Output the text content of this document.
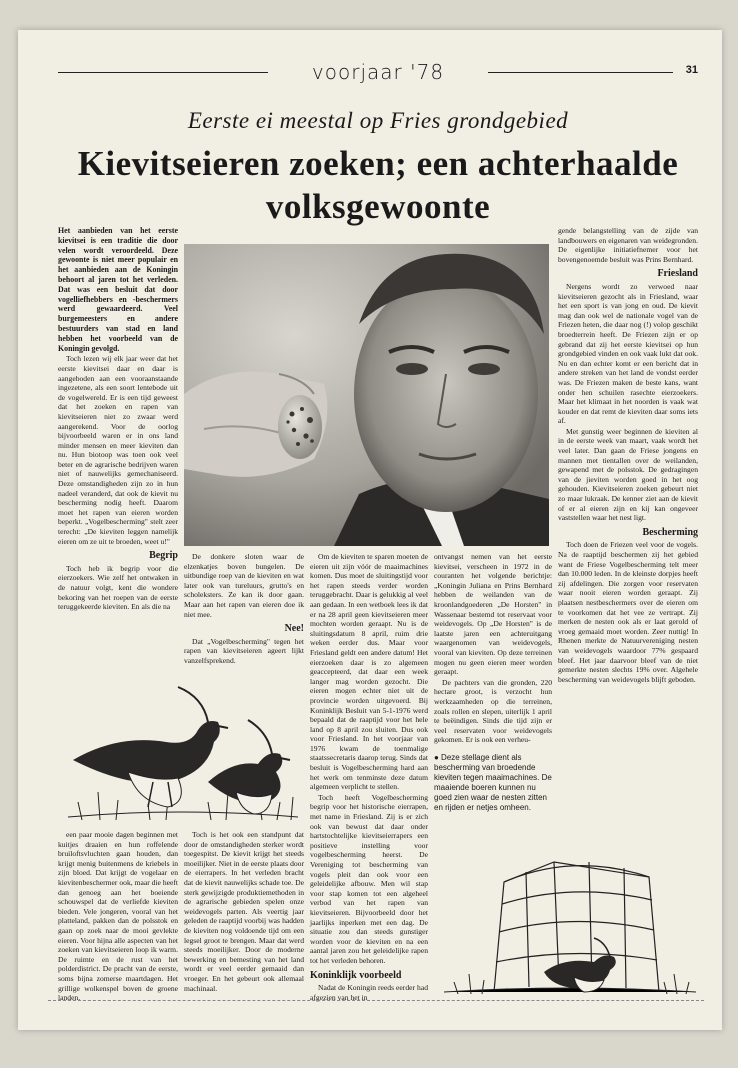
voorjaar '78	31
Eerste ei meestal op Fries grondgebied
Kievitseieren zoeken; een achterhaalde volksgewoonte

Het aanbieden van het eerste kievitsei is een traditie die door velen wordt veroordeeld. Deze gewoonte is niet meer populair en het aanbieden aan de Koningin behoort al jaren tot het verleden. Dat was een besluit dat door vogelliefhebbers en -beschermers werd gewaardeerd. Veel burgemeesters en andere bestuurders van stad en land hebben het voorbeeld van de Koningin gevolgd.

Toch lezen wij elk jaar weer dat het eerste kievitsei daar en daar is aangeboden aan een vooraanstaande ingezetene, als een soort lentebode uit de vogelwereld. Er is een tijd geweest dat het zoeken en rapen van kievitseieren niet zo zwaar werd aangerekend. Voor de oorlog bijvoorbeeld waren er in ons land minder mensen en meer kieviten dan nu. Hun biotoop was toen ook veel beter en de agrarische bedrijven waren niet of nauwelijks gemechaniseerd. Deze omstandigheden zijn zo in hun nadeel veranderd, dat ook de kievit nu bescherming nodig heeft. Daarom moet het rapen van eieren worden beperkt. „Vogelbescherming" stelt zeer terecht: „De kieviten leggen namelijk eieren om ze uit te broeden, weet u!"

Begrip

Toch heb ik begrip voor die eierzoekers. Wie zelf het ontwaken in de natuur volgt, kent die wondere bekoring van het roepen van de eerste teruggekeerde kieviten. En als die na

De donkere sloten waar de elzenkatjes boven bungelen. De uitbundige roep van de kieviten en wat later ook van tureluurs, grutto's en scholeksters. Ze kan ik door gaan. Maar aan het rapen van eieren doe ik niet mee.

Nee!

Dat „Vogelbescherming" tegen het rapen van kievitseieren ageert lijkt vanzelfsprekend.

een paar mooie dagen beginnen met kuitjes draaien en hun roffelende bruiloftsvluchten gaan houden, dan krijgt menig buitenmens de kriebels in zijn bloed. Dat krijgt de vogelaar en kievitenbeschermer ook, maar die heeft dan genoeg aan het boeiende schouwspel dat de verliefde kieviten bieden. Vele jongeren, vooral van het platteland, pakken dan de polsstok en gaan op zoek naar de mooi gevlekte eieren. Voor hijna alle aspecten van het zoeken van kievitseieren loop ik warm. De ruimte en de rust van het polderdistrict. De pracht van de eerste, soms bijna zomerse maartdagen. Het grillige wolkenspel boven de groene landen.

Toch is het ook een standpunt dat door de omstandigheden sterker wordt toegespitst. De kievit krijgt het steeds moeilijker. Niet in de eerste plaats door de eierrapers. In het verleden bracht dat de kievit nauwelijks schade toe. De sterk gewijzigde produktiemethoden in de agrarische gebieden spelen onze weidevogels parten. Als veertig jaar geleden de raaptijd voorbij was hadden de kieviten nog voldoende tijd om een legsel groot te brengen. Maar dat werd steeds moeilijker. Door de moderne bewerking en bemesting van het land wordt er veel eerder gemaaid dan vroeger. En het gebeurt ook allemaal machinaal.

Om de kieviten te sparen moeten de eieren uit zijn vóór de maaimachines komen. Dus moet de sluitingstijd voor het rapen steeds verder worden teruggebracht. Daar is gelukkig al veel aan gedaan. In een wetboek lees ik dat er na 28 april geen kievitseieren meer mochten worden geraapt. Nu is de sluitingsdatum 8 april, ruim drie weken eerder dus. Maar voor Friesland geldt een andere datum! Het eierzoeken daar is zo algemeen geaccepteerd, dat daar een week langer mag worden gezocht. Die eieren mogen echter niet uit de provincie worden uitgevoerd. Bij Koninklijk Besluit van 5-1-1976 werd bepaald dat de raaptijd voor het hele land op 8 april zou sluiten. Dus ook voor Friesland. In het voorjaar van 1976 kwam de toenmalige staatssecretaris daarop terug. Sinds dat besluit is Vogelbescherming hard aan het werk om tenminste deze datum algemeen verplicht te stellen.

Toch heeft Vogelbescherming begrip voor het historische eierrapen, met name in Friesland. Zij is er zich ook van bewust dat daar onder hartstochtelijke kievitseierrapers een positieve instelling voor vogelbescherming heerst. De Vereniging tot bescherming van vogels pleit dan ook voor een geleidelijke afbouw. Men wil stap voor stap komen tot een algeheel verbod van het rapen van kievitseieren. Bijvoorbeeld door het jaarlijks inperken met een dag. De situatie zou dan steeds gunstiger worden voor de kieviten en na een aantal jaren zou het geleidelijke rapen tot het verleden behoren.

Koninklijk voorbeeld

Nadat de Koningin reeds eerder had afgezien van het in

ontvangst nemen van het eerste kievitsei, verscheen in 1972 in de couranten het volgende berichtje: „Koningin Juliana en Prins Bernhard hebben de weilanden van de kroonlandgoederen „De Horsten" in Wassenaar bestemd tot reservaat voor weidevogels. Op „De Horsten" is de laatste jaren een achteruitgang waargenomen van weidevogels, vooral van kieviten. Op deze terreinen mogen nu geen eieren meer worden geraapt.

De pachters van die gronden, 220 hectare groot, is verzocht hun werkzaamheden op die terreinen, zoals rollen en slepen, uiterlijk 1 april te beëindigen. Sinds die tijd zijn er veel reservaten voor weidevogels gekomen. Er is ook een verheu-

● Deze stellage dient als bescherming van broedende kieviten tegen maaimachines. De maaiende boeren kunnen nu goed zien waar de nesten zitten en rijden er netjes omheen.

gende belangstelling van de zijde van landbouwers en eigenaren van weidegronden. De eigenlijke initiatiefnemer voor het bovengenoemde besluit was Prins Bernhard.

Friesland

Nergens wordt zo verwoed naar kievitseieren gezocht als in Friesland, waar het een sport is van jong en oud. De kievit mag dan ook wel de nationale vogel van de Friezen heten, die daar nog (!) volop geschikt broedterrein heeft. De Friezen zijn er op gebrand dat zij het eerste kievitsei op hun grondgebied vinden en ook vaak lukt dat ook. Nu en dan echter komt er een bericht dat in andere streken van het land de vondst eerder was. De Friezen maken de beste kans, want onder hen schuilen rasechte eierzoekers. Maar het klimaat in het noorden is vaak wat kouder en dat remt de kieviten daar soms iets af.

Met gunstig weer beginnen de kieviten al in de eerste week van maart, vaak wordt het veel later. Dan gaan de Friese jongens en mannen met tientallen over de weilanden, gewapend met de polsstok. De gedragingen van de jieviten worden goed in het oog gehouden. Kievitseieren zoeken gebeurt niet zo maar lukraak. De kenner ziet aan de kievit of er al eieren zijn en kij kan ongeveer vaststellen waar het nest ligt.

Bescherming

Toch doen de Friezen veel voor de vogels. Na de raaptijd beschermen zij het gebied want de Friese Vogelbescherming telt meer dan 10.000 leden. In de kleinste dorpjes heeft zij afdelingen. Die zorgen voor reservaten waar nooit eieren worden geraapt. Zij plaatsen nestbeschermers over de eieren om te voorkomen dat het vee ze vertrapt. Zij merken de nesten ook als er laat gerold of vroeg gemaaid moet worden. Zeer nuttig! In Rhenen merkte de Natuurvereniging nesten van weidevogels waardoor 77% gespaard bleef. Het jaar daarvoor bleef van de niet gemerkte nesten slechts 19% over. Algehele bescherming van weidevogels blijft geboden.
